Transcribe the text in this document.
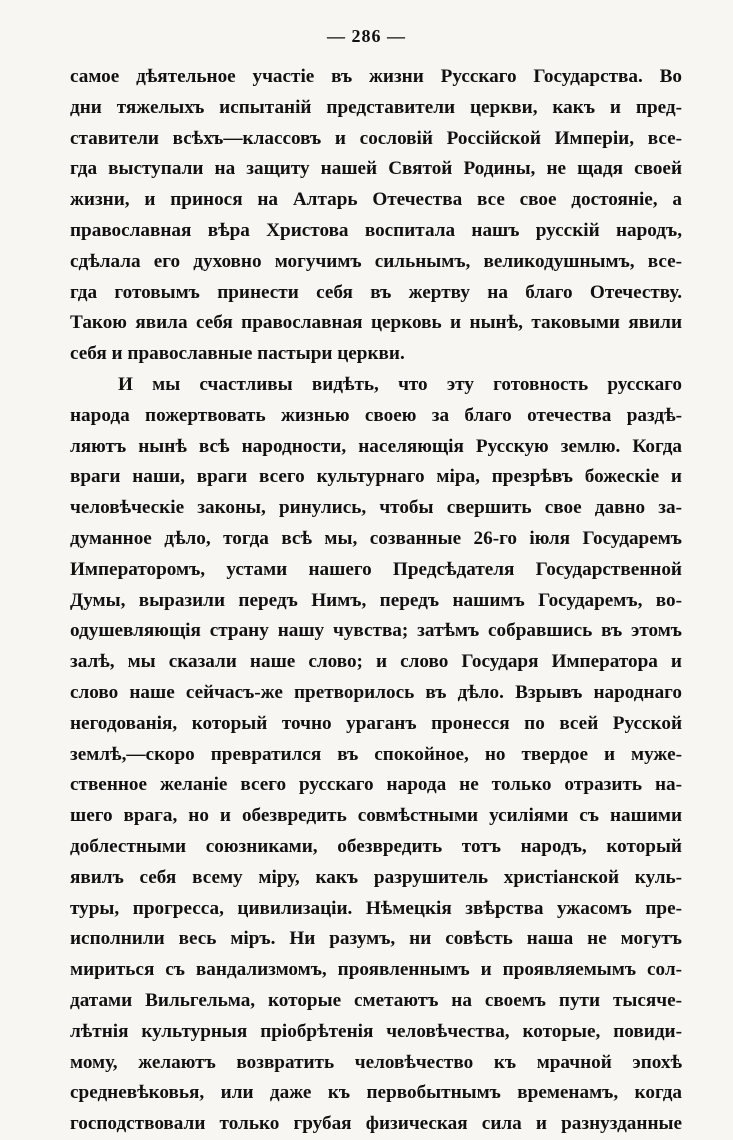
— 286 —
самое дѣятельное участіе въ жизни Русскаго Государства. Во
дни тяжелыхъ испытаній представители церкви, какъ и пред-
ставители всѣхъ—классовъ и сословій Россійской Имперіи, все-
гда выступали на защиту нашей Святой Родины, не щадя своей
жизни, и принося на Алтарь Отечества все свое достояніе, а
православная вѣра Христова воспитала нашъ русскій народъ,
сдѣлала его духовно могучимъ сильнымъ, великодушнымъ, все-
гда готовымъ принести себя въ жертву на благо Отечеству.
Такою явила себя православная церковь и нынѣ, таковыми явили
себя и православные пастыри церкви.
И мы счастливы видѣть, что эту готовность русскаго
народа пожертвовать жизнью своею за благо отечества раздѣ-
ляютъ нынѣ всѣ народности, населяющія Русскую землю. Когда
враги наши, враги всего культурнаго міра, презрѣвъ божескіе и
человѣческіе законы, ринулись, чтобы свершить свое давно за-
думанное дѣло, тогда всѣ мы, созванные 26-го іюля Государемъ
Императоромъ, устами нашего Предсѣдателя Государственной
Думы, выразили передъ Нимъ, передъ нашимъ Государемъ, во-
одушевляющія страну нашу чувства; затѣмъ собравшись въ этомъ
залѣ, мы сказали наше слово; и слово Государя Императора и
слово наше сейчасъ-же претворилось въ дѣло. Взрывъ народнаго
негодованія, который точно ураганъ пронесся по всей Русской
землѣ,—скоро превратился въ спокойное, но твердое и муже-
ственное желаніе всего русскаго народа не только отразить на-
шего врага, но и обезвредить совмѣстными усиліями съ нашими
доблестными союзниками, обезвредить тотъ народъ, который
явилъ себя всему міру, какъ разрушитель христіанской куль-
туры, прогресса, цивилизаціи. Нѣмецкія звѣрства ужасомъ пре-
исполнили весь міръ. Ни разумъ, ни совѣсть наша не могутъ
мириться съ вандализмомъ, проявленнымъ и проявляемымъ сол-
датами Вильгельма, которые сметаютъ на своемъ пути тысяче-
лѣтнія культурныя пріобрѣтенія человѣчества, которые, повиди-
мому, желаютъ возвратить человѣчество къ мрачной эпохѣ
средневѣковья, или даже къ первобытнымъ временамъ, когда
господствовали только грубая физическая сила и разнузданные
